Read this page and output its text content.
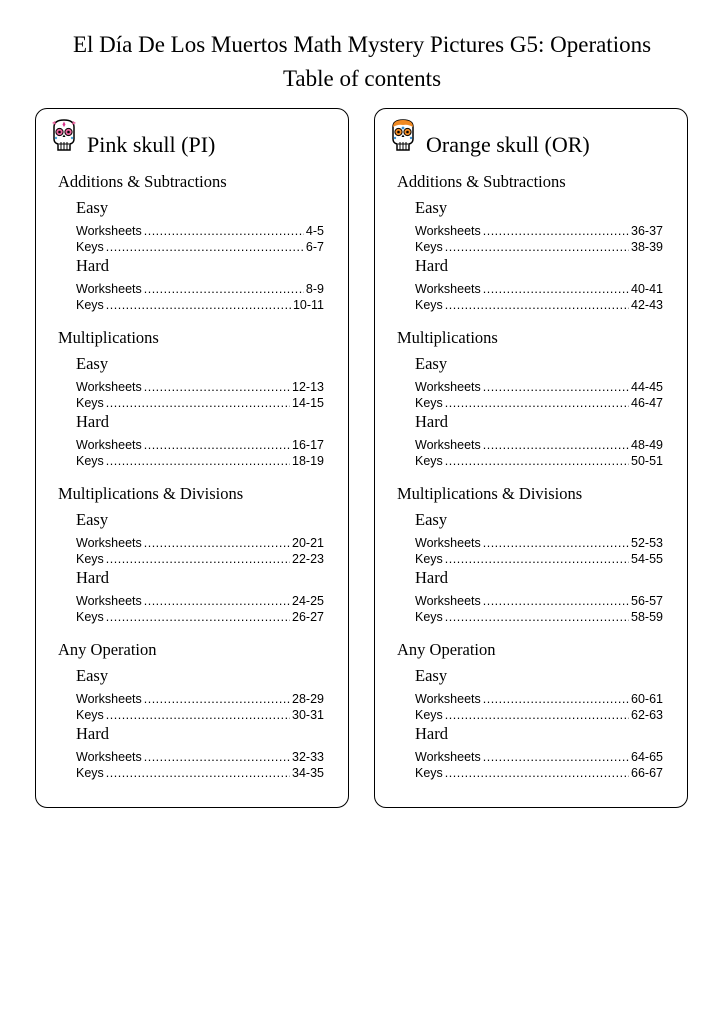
El Día De Los Muertos Math Mystery Pictures G5: Operations
Table of contents
Pink skull (PI)
Additions & Subtractions
Easy
Worksheets .....	4-5
Keys .....	6-7
Hard
Worksheets .....	8-9
Keys .....	10-11
Multiplications
Easy
Worksheets .....	12-13
Keys .....	14-15
Hard
Worksheets .....	16-17
Keys .....	18-19
Multiplications & Divisions
Easy
Worksheets .....	20-21
Keys .....	22-23
Hard
Worksheets .....	24-25
Keys .....	26-27
Any Operation
Easy
Worksheets .....	28-29
Keys .....	30-31
Hard
Worksheets .....	32-33
Keys .....	34-35
Orange skull (OR)
Additions & Subtractions
Easy
Worksheets .....	36-37
Keys .....	38-39
Hard
Worksheets .....	40-41
Keys .....	42-43
Multiplications
Easy
Worksheets .....	44-45
Keys .....	46-47
Hard
Worksheets .....	48-49
Keys .....	50-51
Multiplications & Divisions
Easy
Worksheets .....	52-53
Keys .....	54-55
Hard
Worksheets .....	56-57
Keys .....	58-59
Any Operation
Easy
Worksheets .....	60-61
Keys .....	62-63
Hard
Worksheets .....	64-65
Keys .....	66-67
